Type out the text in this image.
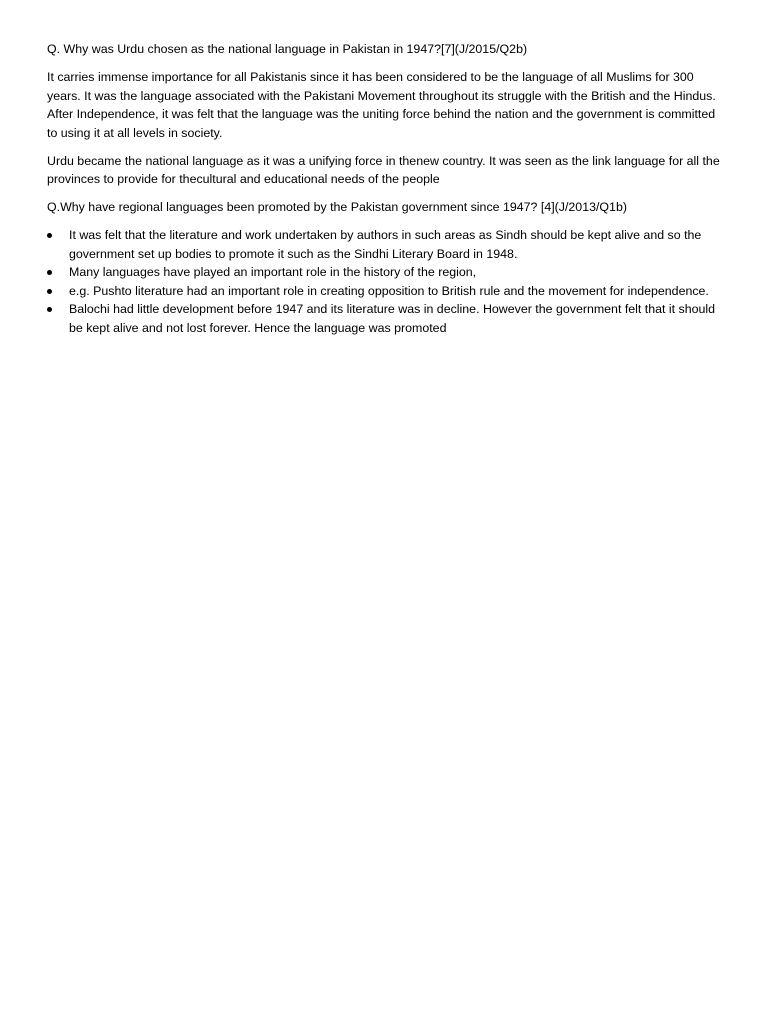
Q. Why was Urdu chosen as the national language in Pakistan in 1947?[7](J/2015/Q2b)

It carries immense importance for all Pakistanis since it has been considered to be the language of all Muslims for 300 years. It was the language associated with the Pakistani Movement throughout its struggle with the British and the Hindus. After Independence, it was felt that the language was the uniting force behind the nation and the government is committed to using it at all levels in society.

Urdu became the national language as it was a unifying force in thenew country. It was seen as the link language for all the provinces to provide for thecultural and educational needs of the people

Q.Why have regional languages been promoted by the Pakistan government since 1947? [4](J/2013/Q1b)

It was felt that the literature and work undertaken by authors in such areas as Sindh should be kept alive and so the government set up bodies to promote it such as the Sindhi Literary Board in 1948.
Many languages have played an important role in the history of the region,
e.g. Pushto literature had an important role in creating opposition to British rule and the movement for independence.
Balochi had little development before 1947 and its literature was in decline. However the government felt that it should be kept alive and not lost forever. Hence the language was promoted
